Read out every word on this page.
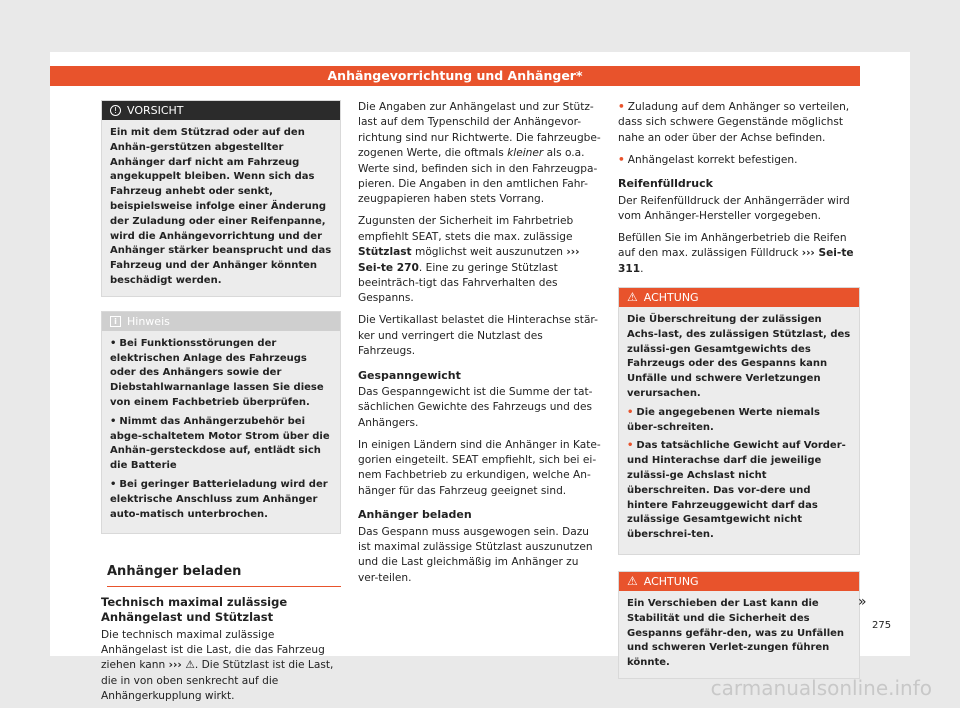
Anhängevorrichtung und Anhänger*
! VORSICHT
Ein mit dem Stützrad oder auf den Anhän-gerstützen abgestellter Anhänger darf nicht am Fahrzeug angekuppelt bleiben. Wenn sich das Fahrzeug anhebt oder senkt, beispielsweise infolge einer Änderung der Zuladung oder einer Reifenpanne, wird die Anhängevorrichtung und der Anhänger stärker beansprucht und das Fahrzeug und der Anhänger könnten beschädigt werden.
i Hinweis

• Bei Funktionsstörungen der elektrischen Anlage des Fahrzeugs oder des Anhängers sowie der Diebstahlwarnanlage lassen Sie diese von einem Fachbetrieb überprüfen.

• Nimmt das Anhängerzubehör bei abge-schaltetem Motor Strom über die Anhän-gersteckdose auf, entlädt sich die Batterie

• Bei geringer Batterieladung wird der elektrische Anschluss zum Anhänger auto-matisch unterbrochen.

Anhänger beladen
Technisch maximal zulässige Anhängelast und Stützlast

Die technisch maximal zulässige Anhängelast ist die Last, die das Fahrzeug ziehen kann ››› ⚠. Die Stützlast ist die Last, die in von oben senkrecht auf die Anhängerkupplung wirkt.

Die Angaben zur Anhängelast und zur Stütz-last auf dem Typenschild der Anhängevor-richtung sind nur Richtwerte. Die fahrzeugbe-zogenen Werte, die oftmals kleiner als o.a. Werte sind, befinden sich in den Fahrzeugpa-pieren. Die Angaben in den amtlichen Fahr-zeugpapieren haben stets Vorrang.

Zugunsten der Sicherheit im Fahrbetrieb empfiehlt SEAT, stets die max. zulässige Stützlast möglichst weit auszunutzen ››› Sei-te 270. Eine zu geringe Stützlast beeinträch-tigt das Fahrverhalten des Gespanns.

Die Vertikallast belastet die Hinterachse stär-ker und verringert die Nutzlast des Fahrzeugs.

Gespanngewicht

Das Gespanngewicht ist die Summe der tat-sächlichen Gewichte des Fahrzeugs und des Anhängers.

In einigen Ländern sind die Anhänger in Kate-gorien eingeteilt. SEAT empfiehlt, sich bei ei-nem Fachbetrieb zu erkundigen, welche An-hänger für das Fahrzeug geeignet sind.

Anhänger beladen

Das Gespann muss ausgewogen sein. Dazu ist maximal zulässige Stützlast auszunutzen und die Last gleichmäßig im Anhänger zu ver-teilen.

• Zuladung auf dem Anhänger so verteilen, dass sich schwere Gegenstände möglichst nahe an oder über der Achse befinden.

• Anhängelast korrekt befestigen.

Reifenfülldruck

Der Reifenfülldruck der Anhängerräder wird vom Anhänger-Hersteller vorgegeben.

Befüllen Sie im Anhängerbetrieb die Reifen auf den max. zulässigen Fülldruck ››› Sei-te 311.

⚠ ACHTUNG

Die Überschreitung der zulässigen Achs-last, des zulässigen Stützlast, des zulässi-gen Gesamtgewichts des Fahrzeugs oder des Gespanns kann Unfälle und schwere Verletzungen verursachen.

• Die angegebenen Werte niemals über-schreiten.

• Das tatsächliche Gewicht auf Vorder-und Hinterachse darf die jeweilige zulässi-ge Achslast nicht überschreiten. Das vor-dere und hintere Fahrzeuggewicht darf das zulässige Gesamtgewicht nicht überschrei-ten.

⚠ ACHTUNG
Ein Verschieben der Last kann die Stabilität und die Sicherheit des Gespanns gefähr-den, was zu Unfällen und schweren Verlet-zungen führen könnte.
»
275
carmanualsonline.info
